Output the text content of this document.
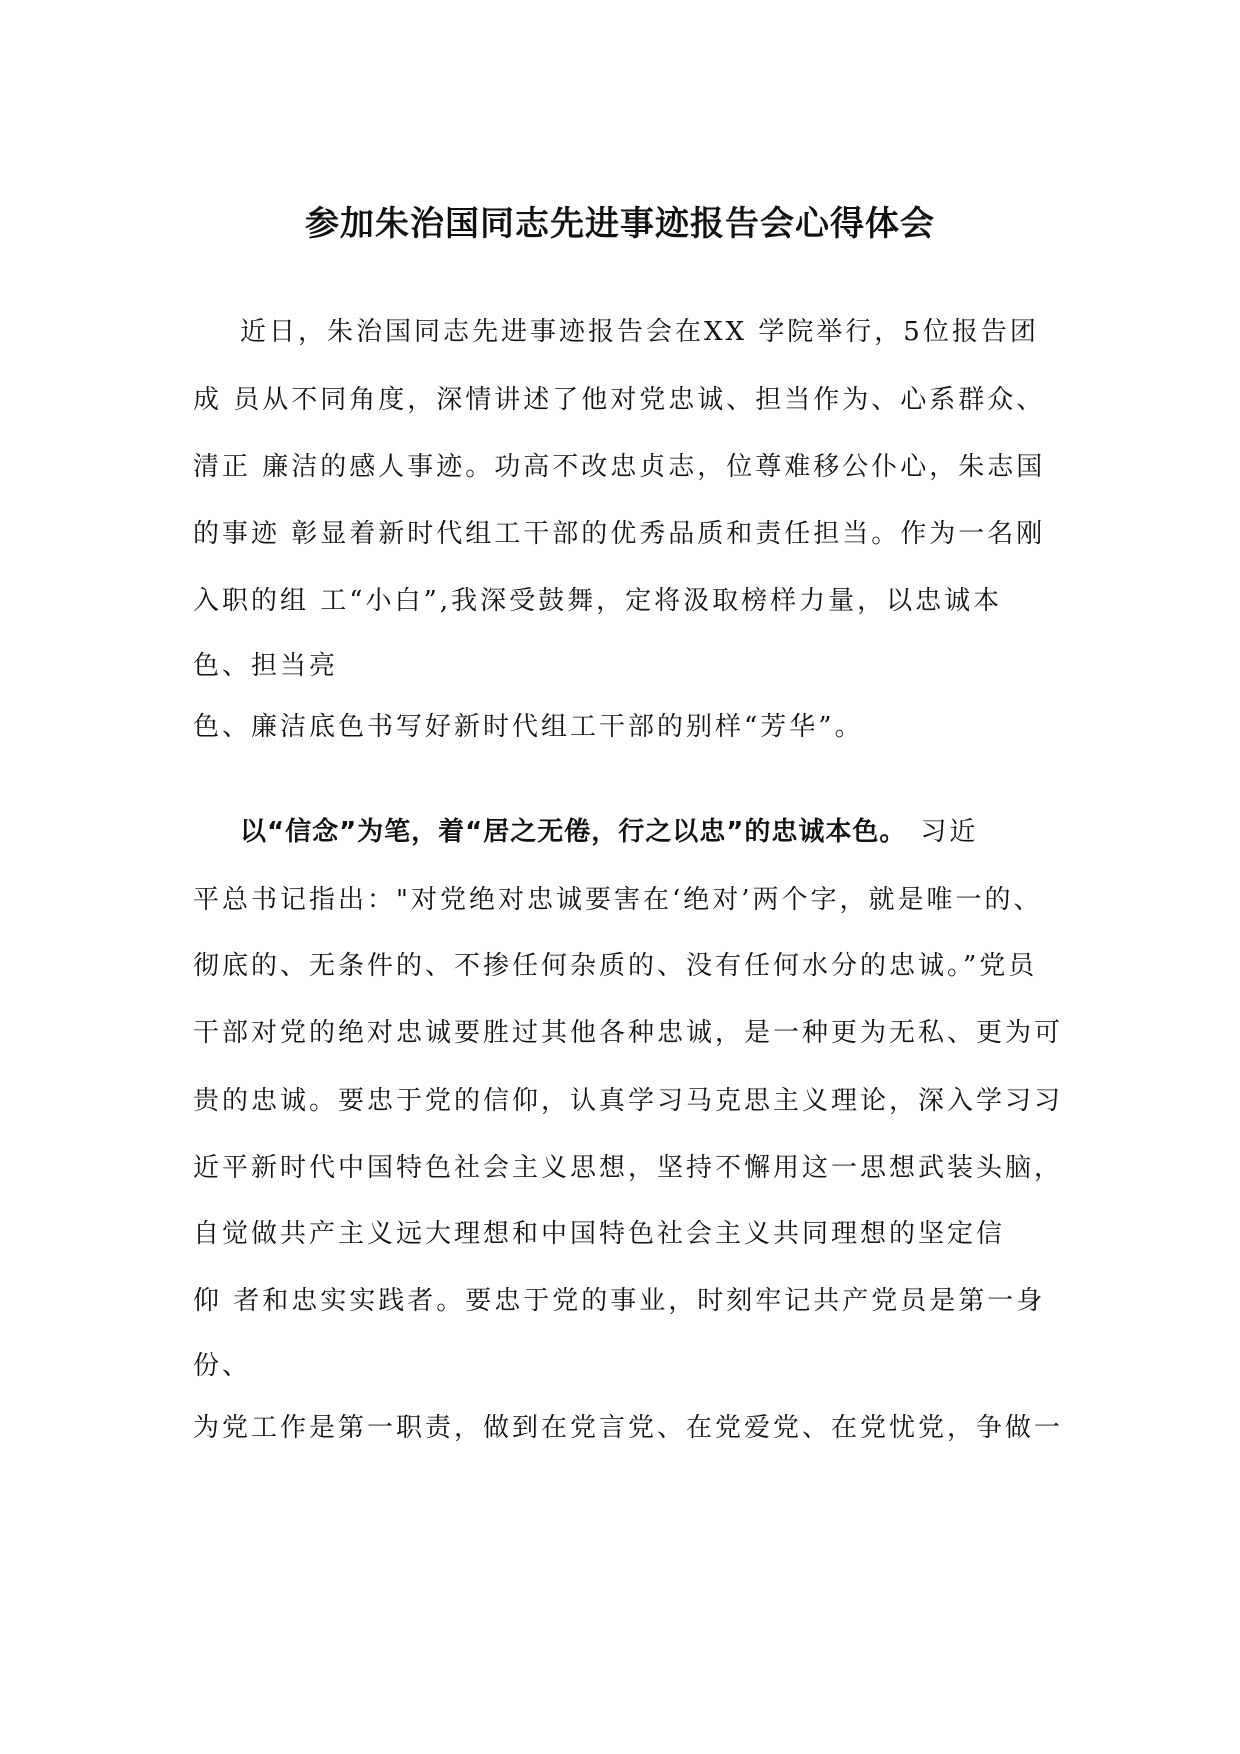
参加朱治国同志先进事迹报告会心得体会
近日，朱治国同志先进事迹报告会在XX 学院举行，5位报告团
成 员从不同角度，深情讲述了他对党忠诚、担当作为、心系群众、
清正 廉洁的感人事迹。功高不改忠贞志，位尊难移公仆心，朱志国
的事迹 彰显着新时代组工干部的优秀品质和责任担当。作为一名刚
入职的组 工“小白”,我深受鼓舞，定将汲取榜样力量，以忠诚本
色、担当亮
色、廉洁底色书写好新时代组工干部的别样“芳华”。
以“信念”为笔，着“居之无倦，行之以忠”的忠诚本色。 习近
平总书记指出："对党绝对忠诚要害在‘绝对’两个字，就是唯一的、
彻底的、无条件的、不掺任何杂质的、没有任何水分的忠诚。”党员
干部对党的绝对忠诚要胜过其他各种忠诚，是一种更为无私、更为可
贵的忠诚。要忠于党的信仰，认真学习马克思主义理论，深入学习习
近平新时代中国特色社会主义思想，坚持不懈用这一思想武装头脑，
自觉做共产主义远大理想和中国特色社会主义共同理想的坚定信
仰 者和忠实实践者。要忠于党的事业，时刻牢记共产党员是第一身
份、
为党工作是第一职责，做到在党言党、在党爱党、在党忧党，争做一
